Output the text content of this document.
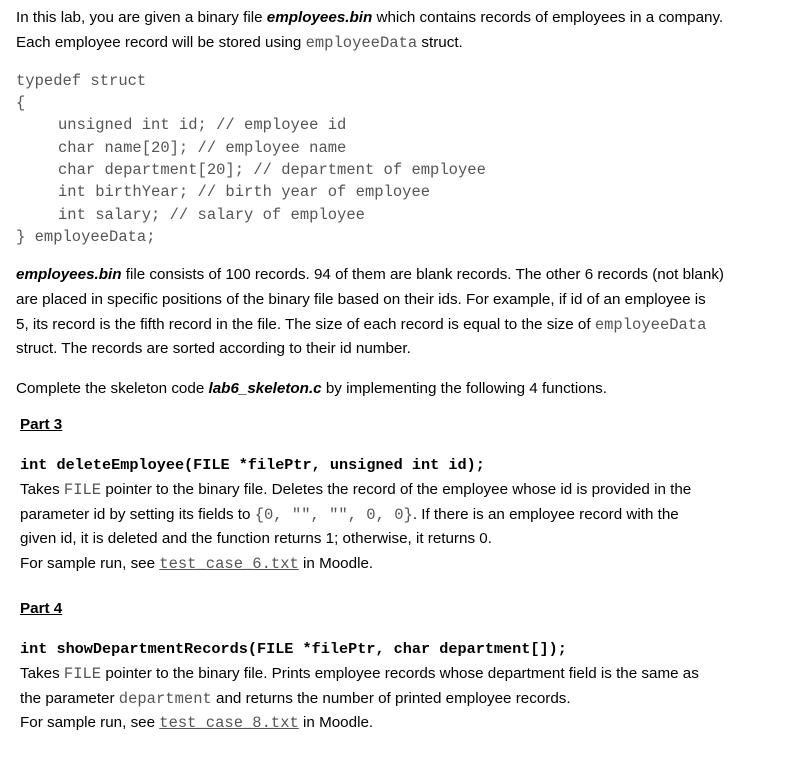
In this lab, you are given a binary file employees.bin which contains records of employees in a company.
Each employee record will be stored using employeeData struct.
typedef struct
{
unsigned int id; // employee id
char name[20]; // employee name
char department[20]; // department of employee
int birthYear; // birth year of employee
int salary; // salary of employee
} employeeData;
employees.bin file consists of 100 records. 94 of them are blank records. The other 6 records (not blank)
are placed in specific positions of the binary file based on their ids. For example, if id of an employee is
5, its record is the fifth record in the file. The size of each record is equal to the size of employeeData
struct. The records are sorted according to their id number.
Complete the skeleton code lab6_skeleton.c by implementing the following 4 functions.
Part 3
int deleteEmployee(FILE *filePtr, unsigned int id);
Takes FILE pointer to the binary file. Deletes the record of the employee whose id is provided in the
parameter id by setting its fields to {0, "", "", 0, 0}. If there is an employee record with the
given id, it is deleted and the function returns 1; otherwise, it returns 0.
For sample run, see test_case_6.txt in Moodle.
Part 4
int showDepartmentRecords(FILE *filePtr, char department[]);
Takes FILE pointer to the binary file. Prints employee records whose department field is the same as
the parameter department and returns the number of printed employee records.
For sample run, see test_case_8.txt in Moodle.
